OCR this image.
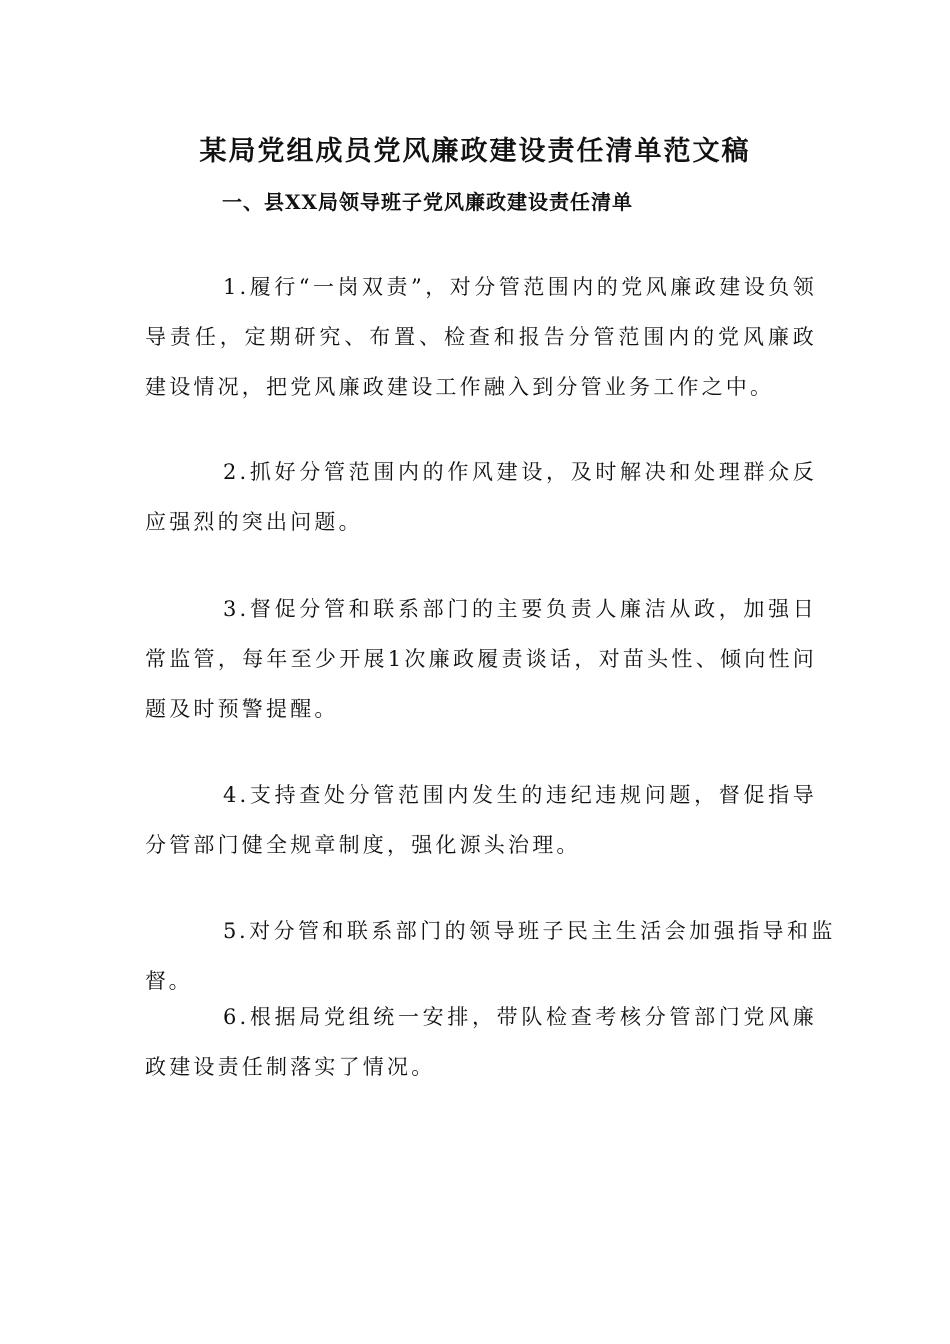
某局党组成员党风廉政建设责任清单范文稿
一、县XX局领导班子党风廉政建设责任清单

1.履行“一岗双责”，对分管范围内的党风廉政建设负领导责任，定期研究、布置、检查和报告分管范围内的党风廉政建设情况，把党风廉政建设工作融入到分管业务工作之中。

2.抓好分管范围内的作风建设，及时解决和处理群众反应强烈的突出问题。

3.督促分管和联系部门的主要负责人廉洁从政，加强日常监管，每年至少开展1次廉政履责谈话，对苗头性、倾向性问题及时预警提醒。

4.支持查处分管范围内发生的违纪违规问题，督促指导分管部门健全规章制度，强化源头治理。

5.对分管和联系部门的领导班子民主生活会加强指导和监督。

6.根据局党组统一安排，带队检查考核分管部门党风廉政建设责任制落实了情况。
